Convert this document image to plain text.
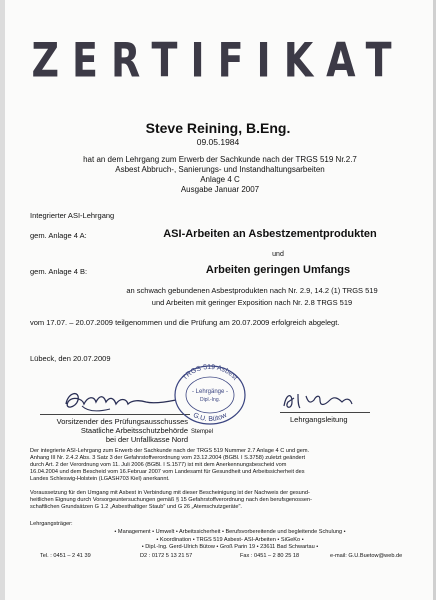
ZERTIFIKAT
Steve Reining, B.Eng.
09.05.1984
hat an dem Lehrgang zum Erwerb der Sachkunde nach der TRGS 519 Nr.2.7
Asbest Abbruch-, Sanierungs- und Instandhaltungsarbeiten
Anlage 4 C
Ausgabe Januar 2007
Integrierter ASI-Lehrgang
gem. Anlage 4 A:	ASI-Arbeiten an Asbestzementprodukten
und
gem. Anlage 4 B:	Arbeiten geringen Umfangs
an schwach gebundenen Asbestprodukten nach Nr. 2.9, 14.2 (1) TRGS 519
und Arbeiten mit geringer Exposition nach Nr. 2.8 TRGS 519
vom 17.07. – 20.07.2009 teilgenommen und die Prüfung am 20.07.2009 erfolgreich abgelegt.
Lübeck, den 20.07.2009
Vorsitzender des Prüfungsausschusses
Staatliche Arbeitsschutzbehörde
bei der Unfallkasse Nord
TRGS 519 Asbest
- Lehrgänge -
Dipl.-Ing.
G.U. Bütow
Stempel
Lehrgangsleitung
Der integrierte ASI-Lehrgang zum Erwerb der Sachkunde nach der TRGS 519 Nummer 2.7 Anlage 4 C und gem.
Anhang III Nr. 2.4.2 Abs. 3 Satz 3 der Gefahrstoffverordnung vom 23.12.2004 (BGBl. I S.3758) zuletzt geändert
durch Art. 2 der Verordnung vom 11. Juli 2006 (BGBl. I S.1577) ist mit dem Anerkennungsbescheid vom
16.04.2004 und dem Bescheid vom 16.Februar 2007 vom Landesamt für Gesundheit und Arbeitssicherheit des
Landes Schleswig-Holstein (LGASH703 Kiel) anerkannt.
Voraussetzung für den Umgang mit Asbest in Verbindung mit dieser Bescheinigung ist der Nachweis der gesund-
heitlichen Eignung durch Vorsorgeuntersuchungen gemäß § 15 Gefahrstoffverordnung nach den berufsgenossen-
schaftlichen Grundsätzen G 1.2 „Asbesthaltiger Staub" und G 26 „Atemschutzgeräte".
Lehrgangsträger:
• Management • Umwelt • Arbeitssicherheit • Berufsvorbereitende und begleitende Schulung •
• Koordination • TRGS 519 Asbest- ASI-Arbeiten • SiGeKo •
• Dipl.-Ing. Gerd-Ulrich Bütow • Groß Parin 19 • 23611 Bad Schwartau •
Tel. : 0451 – 2 41 39	D2 : 0172 5 13 21 57	Fax : 0451 – 2 80 25 18	e-mail: G.U.Buetow@web.de
